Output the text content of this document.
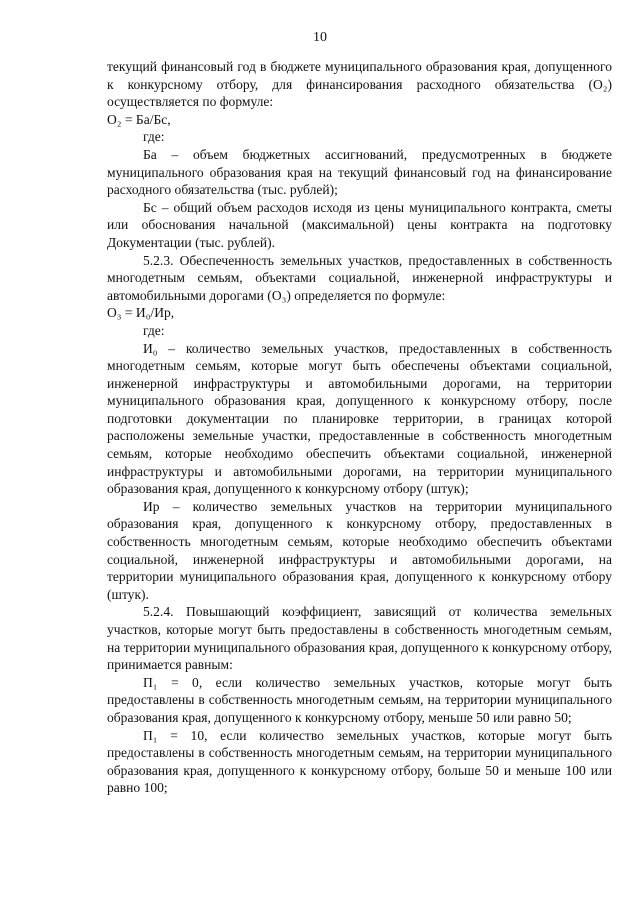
10

текущий финансовый год в бюджете муниципального образования края, допущенного к конкурсному отбору, для финансирования расходного обязательства (О₂) осуществляется по формуле:

О₂ = Ба/Бс,

где:

Ба – объем бюджетных ассигнований, предусмотренных в бюджете муниципального образования края на текущий финансовый год на финансирование расходного обязательства (тыс. рублей);

Бс – общий объем расходов исходя из цены муниципального контракта, сметы или обоснования начальной (максимальной) цены контракта на подготовку Документации (тыс. рублей).

5.2.3. Обеспеченность земельных участков, предоставленных в собственность многодетным семьям, объектами социальной, инженерной инфраструктуры и автомобильными дорогами (О₃) определяется по формуле:

О₃ = И₀/Ир,

где:

И₀ – количество земельных участков, предоставленных в собственность многодетным семьям, которые могут быть обеспечены объектами социальной, инженерной инфраструктуры и автомобильными дорогами, на территории муниципального образования края, допущенного к конкурсному отбору, после подготовки документации по планировке территории, в границах которой расположены земельные участки, предоставленные в собственность многодетным семьям, которые необходимо обеспечить объектами социальной, инженерной инфраструктуры и автомобильными дорогами, на территории муниципального образования края, допущенного к конкурсному отбору (штук);

Ир – количество земельных участков на территории муниципального образования края, допущенного к конкурсному отбору, предоставленных в собственность многодетным семьям, которые необходимо обеспечить объектами социальной, инженерной инфраструктуры и автомобильными дорогами, на территории муниципального образования края, допущенного к конкурсному отбору (штук).

5.2.4. Повышающий коэффициент, зависящий от количества земельных участков, которые могут быть предоставлены в собственность многодетным семьям, на территории муниципального образования края, допущенного к конкурсному отбору, принимается равным:

П₁ = 0, если количество земельных участков, которые могут быть предоставлены в собственность многодетным семьям, на территории муниципального образования края, допущенного к конкурсному отбору, меньше 50 или равно 50;

П₁ = 10, если количество земельных участков, которые могут быть предоставлены в собственность многодетным семьям, на территории муниципального образования края, допущенного к конкурсному отбору, больше 50 и меньше 100 или равно 100;
